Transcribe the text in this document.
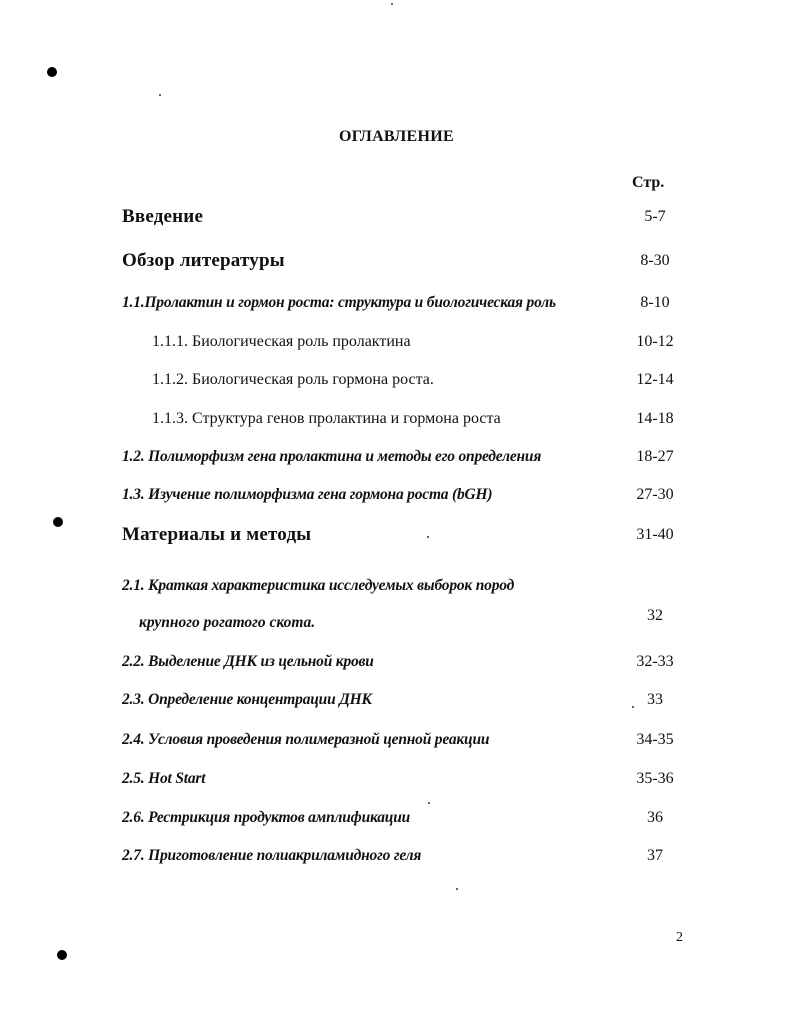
ОГЛАВЛЕНИЕ
Стр.
Введение	5-7
Обзор литературы	8-30
1.1.Пролактин и гормон роста: структура и биологическая роль	8-10
1.1.1. Биологическая роль пролактина	10-12
1.1.2. Биологическая роль гормона роста.	12-14
1.1.3. Структура генов пролактина и гормона роста	14-18
1.2. Полиморфизм гена пролактина и методы его определения	18-27
1.3. Изучение полиморфизма гена гормона роста (bGH)	27-30
Материалы и методы	31-40
2.1. Краткая характеристика исследуемых выборок пород
крупного рогатого скота.	32
2.2. Выделение ДНК из цельной крови	32-33
2.3. Определение концентрации ДНК	33
2.4. Условия проведения полимеразной цепной реакции	34-35
2.5. Hot Start	35-36
2.6. Рестрикция продуктов амплификации	36
2.7. Приготовление полиакриламидного геля	37
2
